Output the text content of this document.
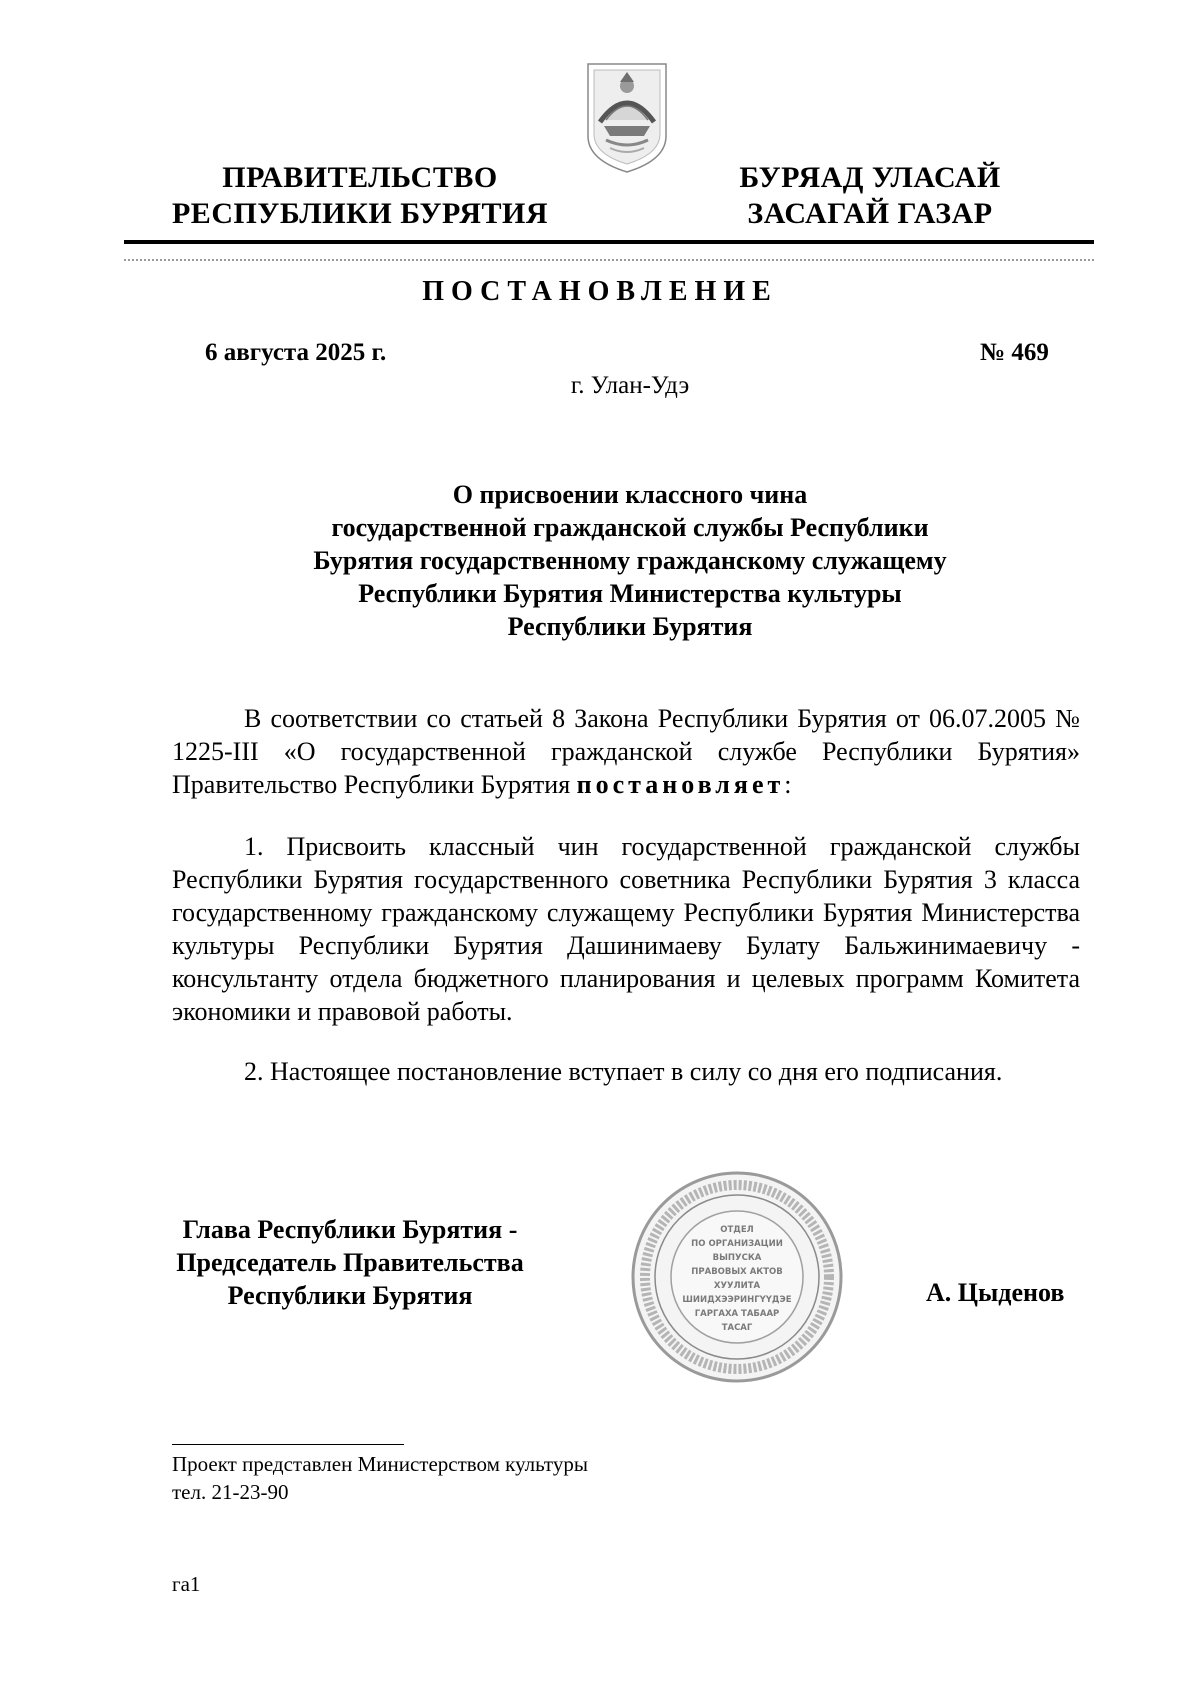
ПРАВИТЕЛЬСТВО
РЕСПУБЛИКИ БУРЯТИЯ
БУРЯАД УЛАСАЙ
ЗАСАГАЙ ГАЗАР
ПОСТАНОВЛЕНИЕ
6 августа 2025 г.	№ 469
г. Улан-Удэ
О присвоении классного чина
государственной гражданской службы Республики
Бурятия государственному гражданскому служащему
Республики Бурятия Министерства культуры
Республики Бурятия
В соответствии со статьей 8 Закона Республики Бурятия от 06.07.2005 № 1225-III «О государственной гражданской службе Республики Бурятия» Правительство Республики Бурятия постановляет:
1. Присвоить классный чин государственной гражданской службы Республики Бурятия государственного советника Республики Бурятия 3 класса государственному гражданскому служащему Республики Бурятия Министерства культуры Республики Бурятия Дашинимаеву Булату Бальжинимаевичу - консультанту отдела бюджетного планирования и целевых программ Комитета экономики и правовой работы.
2. Настоящее постановление вступает в силу со дня его подписания.
Глава Республики Бурятия -
Председатель Правительства
Республики Бурятия
ОТДЕЛ
ПО ОРГАНИЗАЦИИ
ВЫПУСКА
ПРАВОВЫХ АКТОВ
ХУУЛИТА
ШИИДХЭЭРИНГҮҮДЭЕ
ГАРГАХА ТАБААР
ТАСАГ
А. Цыденов
Проект представлен Министерством культуры
тел. 21-23-90
га1
